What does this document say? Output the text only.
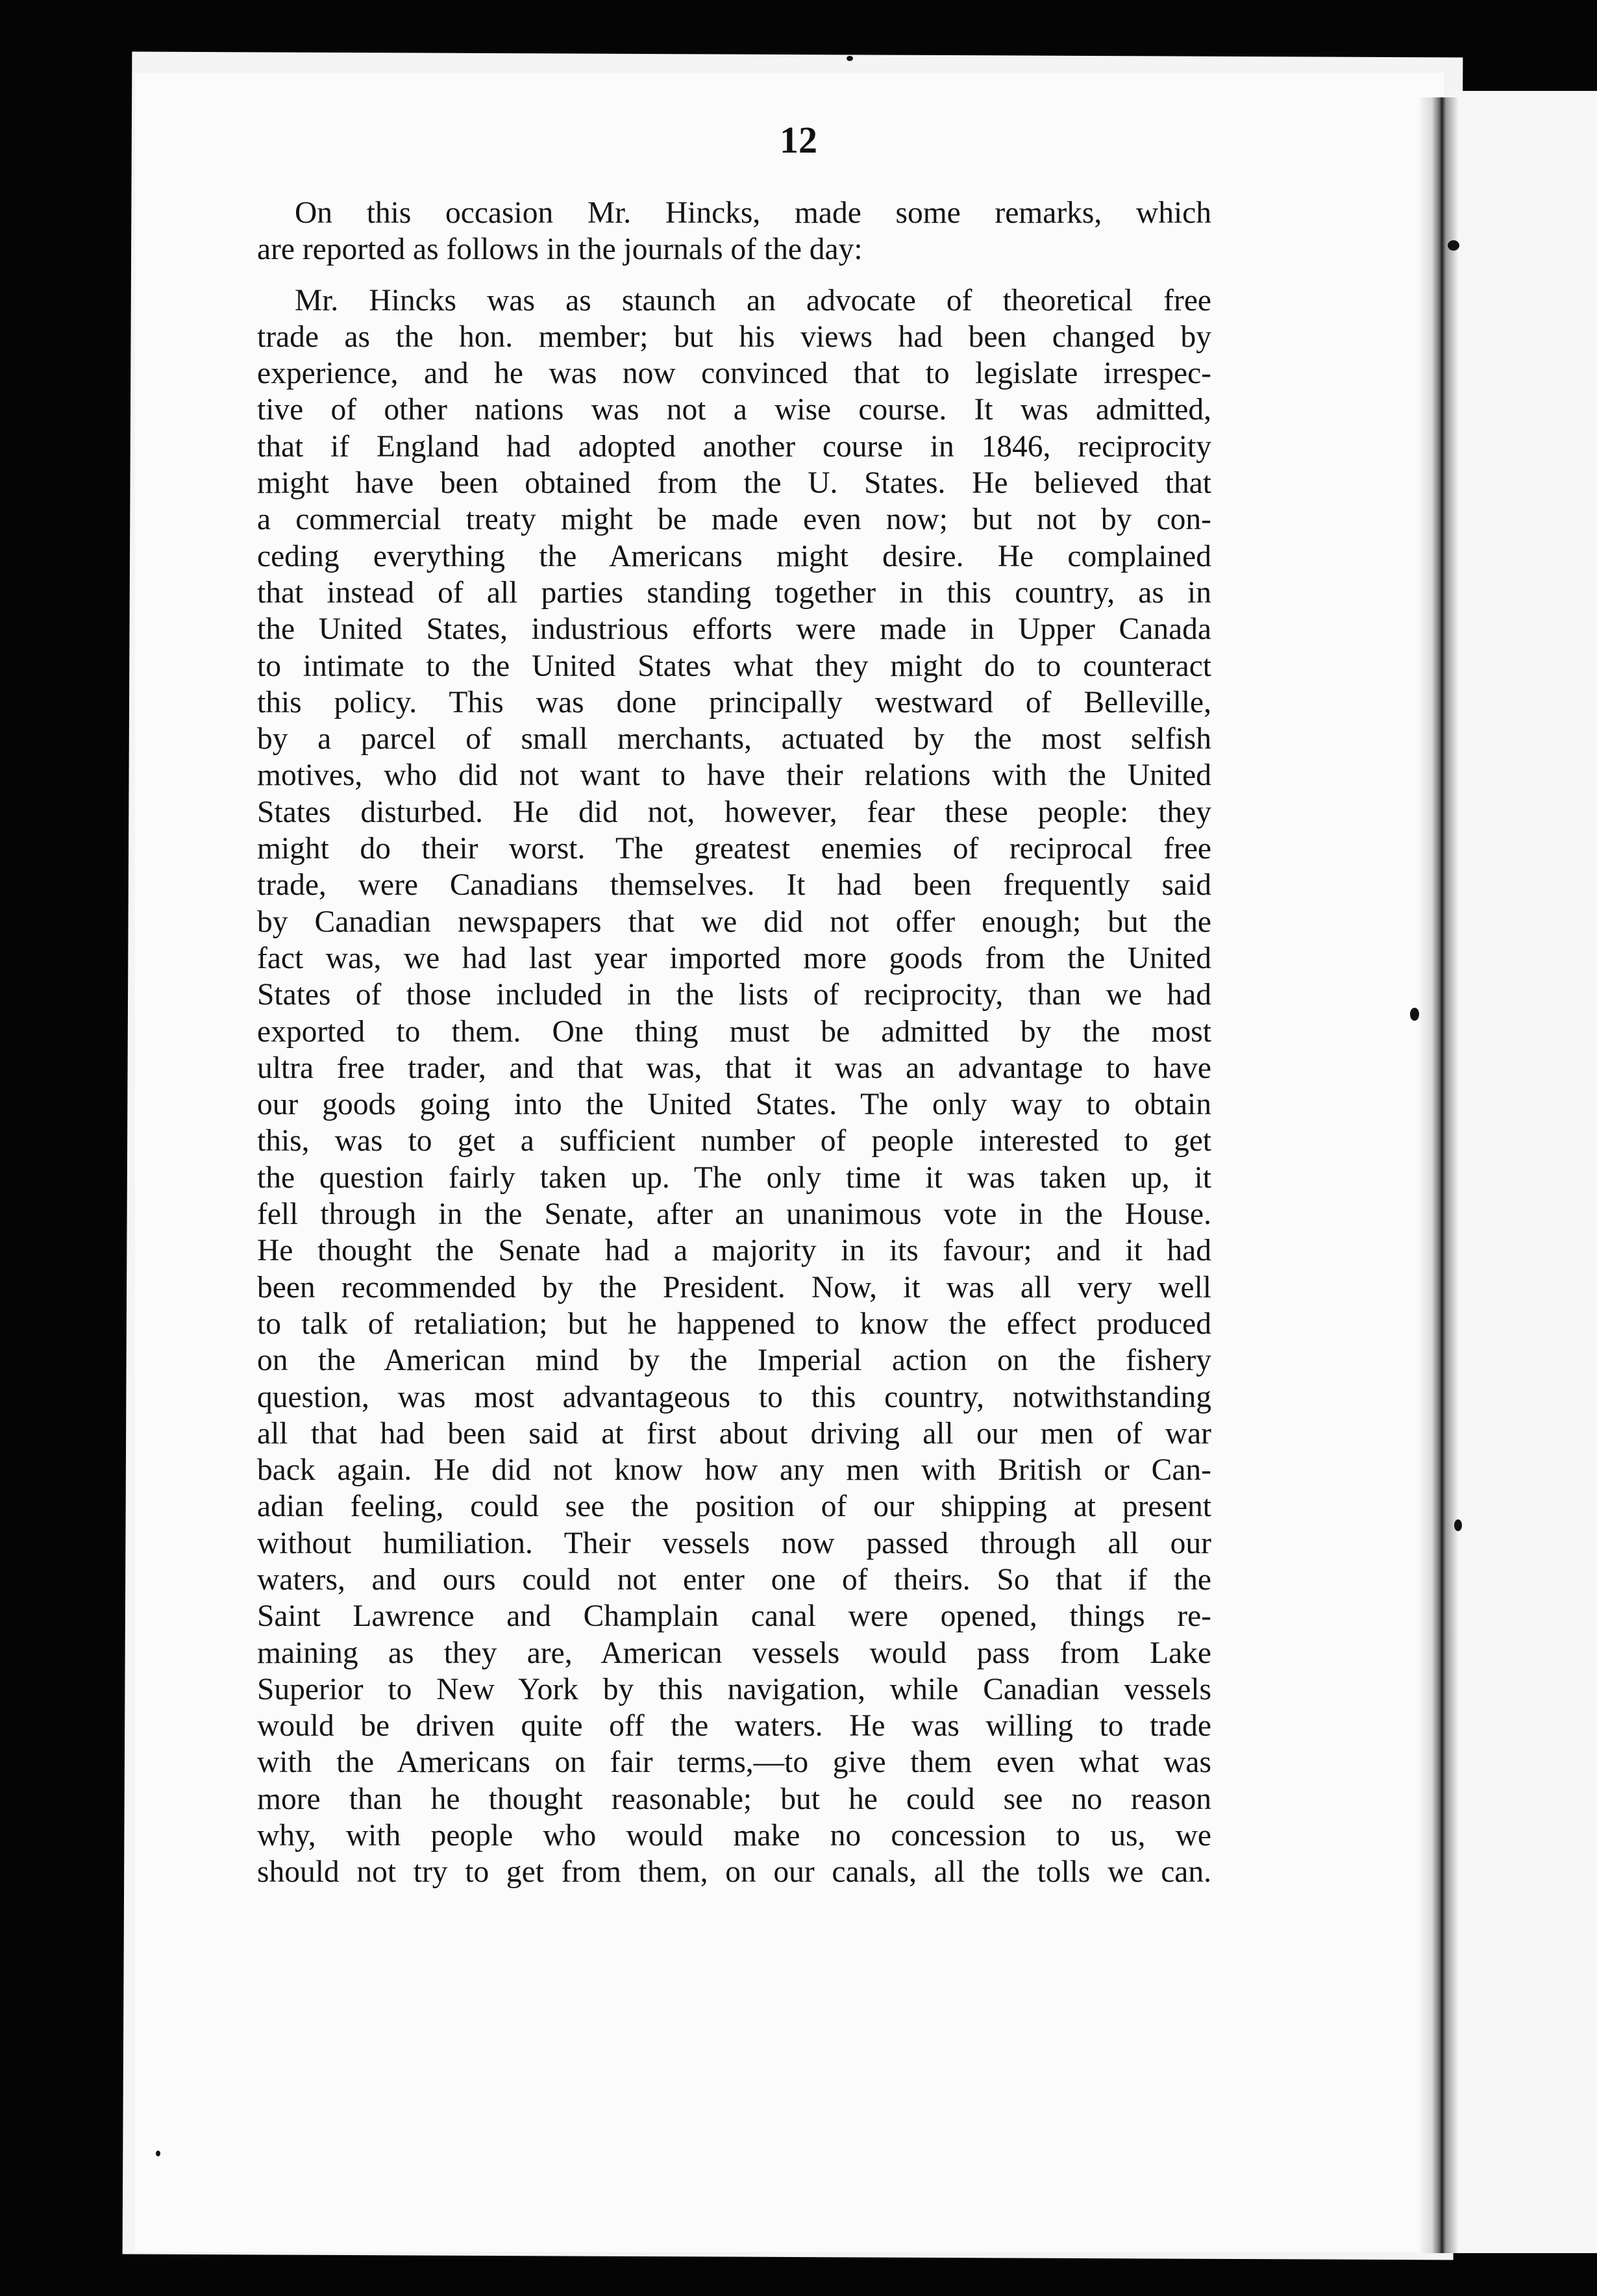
12
On this occasion Mr. Hincks, made some remarks, which
are reported as follows in the journals of the day:
Mr. Hincks was as staunch an advocate of theoretical free
trade as the hon. member; but his views had been changed by
experience, and he was now convinced that to legislate irrespec-
tive of other nations was not a wise course. It was admitted,
that if England had adopted another course in 1846, reciprocity
might have been obtained from the U. States. He believed that
a commercial treaty might be made even now; but not by con-
ceding everything the Americans might desire. He complained
that instead of all parties standing together in this country, as in
the United States, industrious efforts were made in Upper Canada
to intimate to the United States what they might do to counteract
this policy. This was done principally westward of Belleville,
by a parcel of small merchants, actuated by the most selfish
motives, who did not want to have their relations with the United
States disturbed. He did not, however, fear these people: they
might do their worst. The greatest enemies of reciprocal free
trade, were Canadians themselves. It had been frequently said
by Canadian newspapers that we did not offer enough; but the
fact was, we had last year imported more goods from the United
States of those included in the lists of reciprocity, than we had
exported to them. One thing must be admitted by the most
ultra free trader, and that was, that it was an advantage to have
our goods going into the United States. The only way to obtain
this, was to get a sufficient number of people interested to get
the question fairly taken up. The only time it was taken up, it
fell through in the Senate, after an unanimous vote in the House.
He thought the Senate had a majority in its favour; and it had
been recommended by the President. Now, it was all very well
to talk of retaliation; but he happened to know the effect produced
on the American mind by the Imperial action on the fishery
question, was most advantageous to this country, notwithstanding
all that had been said at first about driving all our men of war
back again. He did not know how any men with British or Can-
adian feeling, could see the position of our shipping at present
without humiliation. Their vessels now passed through all our
waters, and ours could not enter one of theirs. So that if the
Saint Lawrence and Champlain canal were opened, things re-
maining as they are, American vessels would pass from Lake
Superior to New York by this navigation, while Canadian vessels
would be driven quite off the waters. He was willing to trade
with the Americans on fair terms,—to give them even what was
more than he thought reasonable; but he could see no reason
why, with people who would make no concession to us, we
should not try to get from them, on our canals, all the tolls we can.
